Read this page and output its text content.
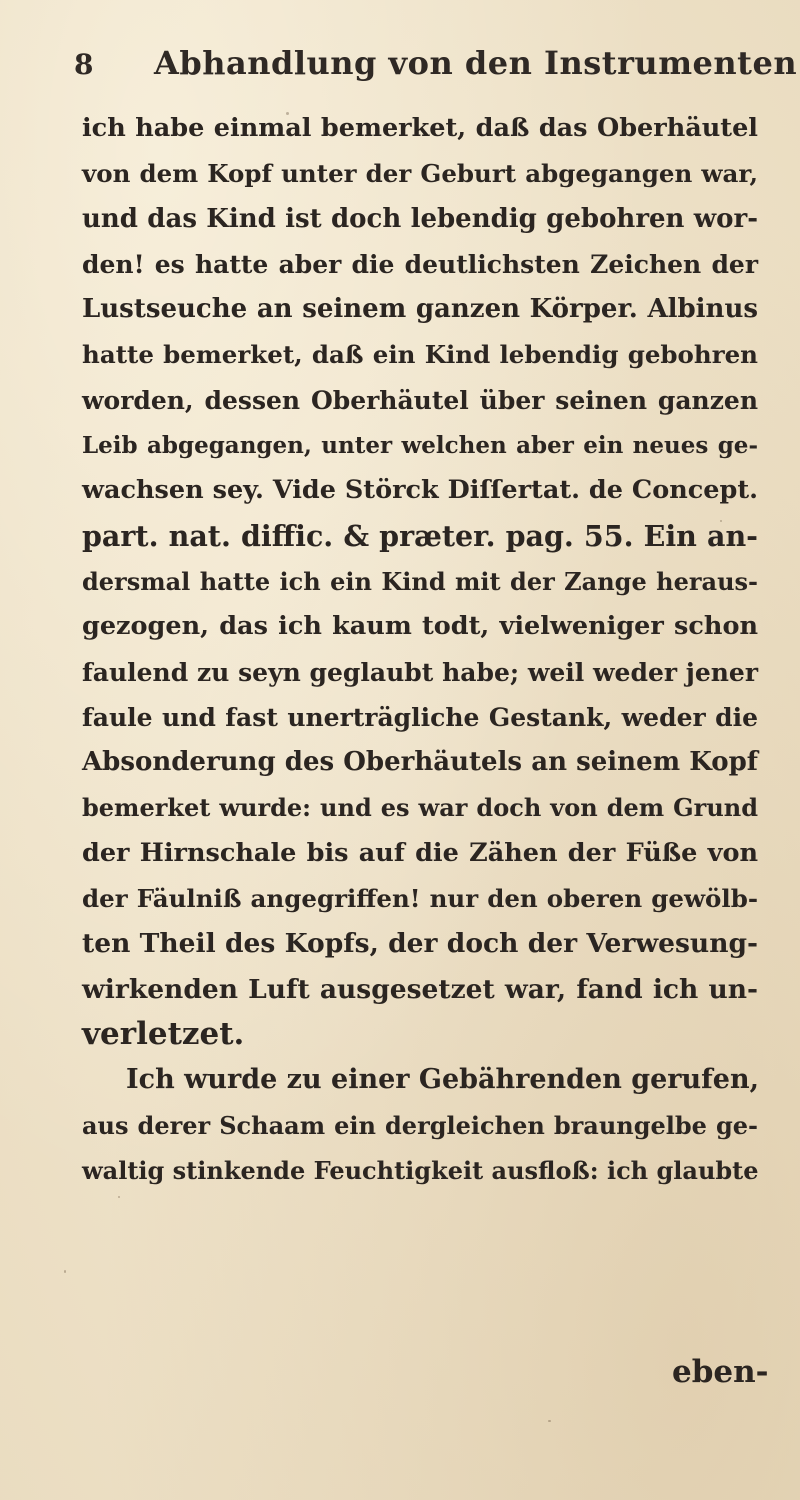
8 Abhandlung von den Instrumenten
ich habe einmal bemerket, daß das Oberhäutel
von dem Kopf unter der Geburt abgegangen war,
und das Kind ist doch lebendig gebohren wor-
den! es hatte aber die deutlichsten Zeichen der
Lustseuche an seinem ganzen Körper. Albinus
hatte bemerket, daß ein Kind lebendig gebohren
worden, dessen Oberhäutel über seinen ganzen
Leib abgegangen, unter welchen aber ein neues ge-
wachsen sey. Vide Störck Diſſertat. de Concept.
part. nat. diffic. & præter. pag. 55. Ein an-
dersmal hatte ich ein Kind mit der Zange heraus-
gezogen, das ich kaum todt, vielweniger schon
faulend zu seyn geglaubt habe; weil weder jener
faule und fast unerträgliche Gestank, weder die
Absonderung des Oberhäutels an seinem Kopf
bemerket wurde: und es war doch von dem Grund
der Hirnschale bis auf die Zähen der Füße von
der Fäulniß angegriffen! nur den oberen gewölb-
ten Theil des Kopfs, der doch der Verwesung-
wirkenden Luft ausgesetzet war, fand ich un-
verletzet.
Ich wurde zu einer Gebährenden gerufen,
aus derer Schaam ein dergleichen braungelbe ge-
waltig stinkende Feuchtigkeit ausfloß: ich glaubte
eben-
